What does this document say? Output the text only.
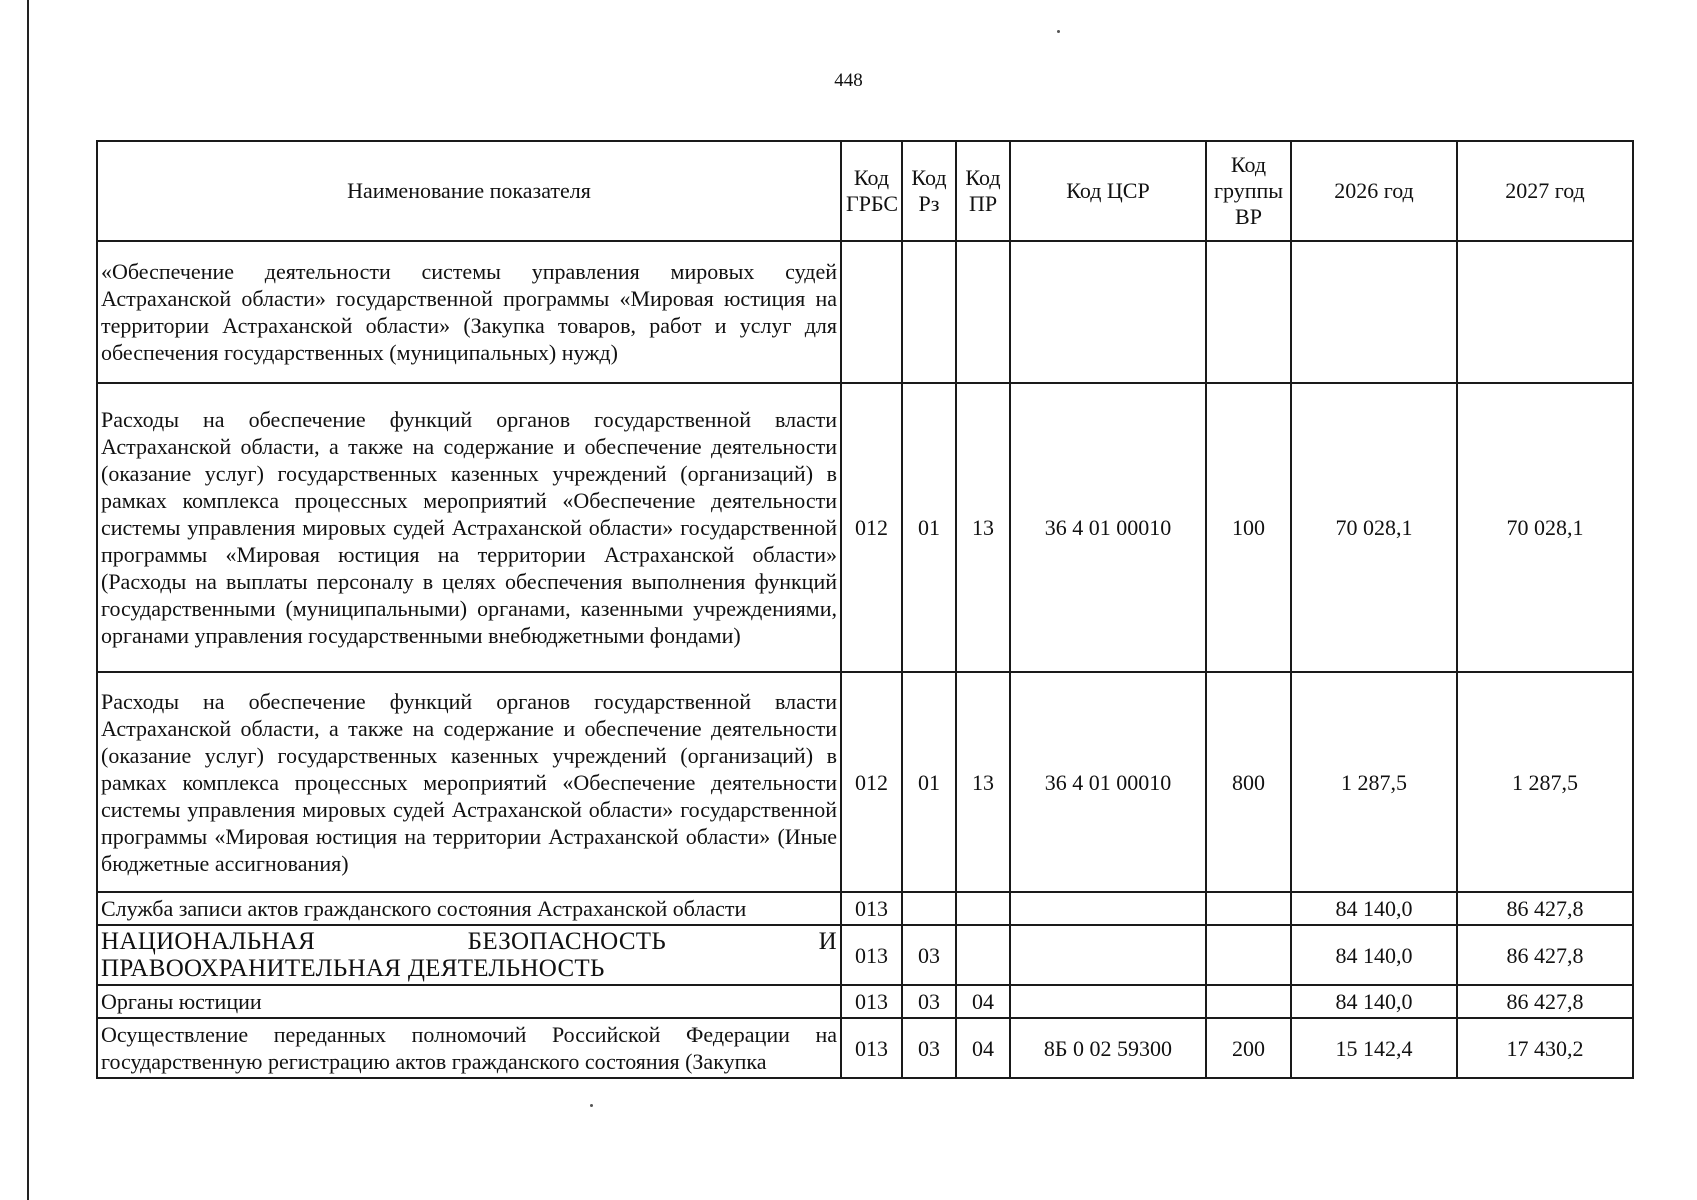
448
Наименование показателя	Код ГРБС	Код Рз	Код ПР	Код ЦСР	Код группы ВР	2026 год	2027 год
«Обеспечение деятельности системы управления мировых судей Астраханской области» государственной программы «Мировая юстиция на территории Астраханской области» (Закупка товаров, работ и услуг для обеспечения государственных (муниципальных) нужд)							
Расходы на обеспечение функций органов государственной власти Астраханской области, а также на содержание и обеспечение деятельности (оказание услуг) государственных казенных учреждений (организаций) в рамках комплекса процессных мероприятий «Обеспечение деятельности системы управления мировых судей Астраханской области» государственной программы «Мировая юстиция на территории Астраханской области» (Расходы на выплаты персоналу в целях обеспечения выполнения функций государственными (муниципальными) органами, казенными учреждениями, органами управления государственными внебюджетными фондами)	012	01	13	36 4 01 00010	100	70 028,1	70 028,1
Расходы на обеспечение функций органов государственной власти Астраханской области, а также на содержание и обеспечение деятельности (оказание услуг) государственных казенных учреждений (организаций) в рамках комплекса процессных мероприятий «Обеспечение деятельности системы управления мировых судей Астраханской области» государственной программы «Мировая юстиция на территории Астраханской области» (Иные бюджетные ассигнования)	012	01	13	36 4 01 00010	800	1 287,5	1 287,5
Служба записи актов гражданского состояния Астраханской области	013					84 140,0	86 427,8
НАЦИОНАЛЬНАЯ БЕЗОПАСНОСТЬ И ПРАВООХРАНИТЕЛЬНАЯ ДЕЯТЕЛЬНОСТЬ	013	03				84 140,0	86 427,8
Органы юстиции	013	03	04			84 140,0	86 427,8
Осуществление переданных полномочий Российской Федерации на государственную регистрацию актов гражданского состояния (Закупка	013	03	04	8Б 0 02 59300	200	15 142,4	17 430,2
